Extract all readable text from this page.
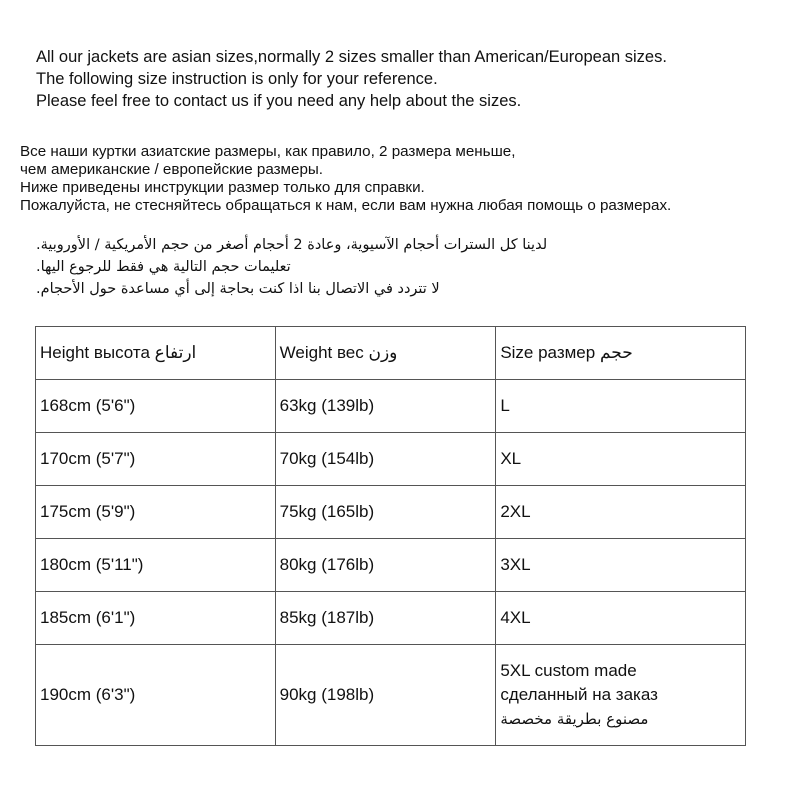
All our jackets are asian sizes,normally 2 sizes smaller than American/European sizes.
The following size instruction is only for your reference.
Please feel free to contact us if you need any help about the sizes.
Все наши куртки азиатские размеры, как правило, 2 размера меньше,
чем американские / европейские размеры.
Ниже приведены инструкции размер только для справки.
Пожалуйста, не стесняйтесь обращаться к нам, если вам нужна любая помощь о размерах.
لدينا كل السترات أحجام الآسيوية، وعادة 2 أحجام أصغر من حجم الأمريكية / الأوروبية.
تعليمات حجم التالية هي فقط للرجوع اليها.
لا تتردد في الاتصال بنا اذا كنت بحاجة إلى أي مساعدة حول الأحجام.
Height высота ارتفاع	Weight вес وزن	Size размер حجم
168cm (5'6")	63kg (139lb)	L
170cm (5'7")	70kg (154lb)	XL
175cm (5'9")	75kg (165lb)	2XL
180cm (5'11")	80kg (176lb)	3XL
185cm (6'1")	85kg (187lb)	4XL
190cm (6'3")	90kg (198lb)	5XL custom made
сделанный на заказ
مصنوع بطريقة مخصصة
